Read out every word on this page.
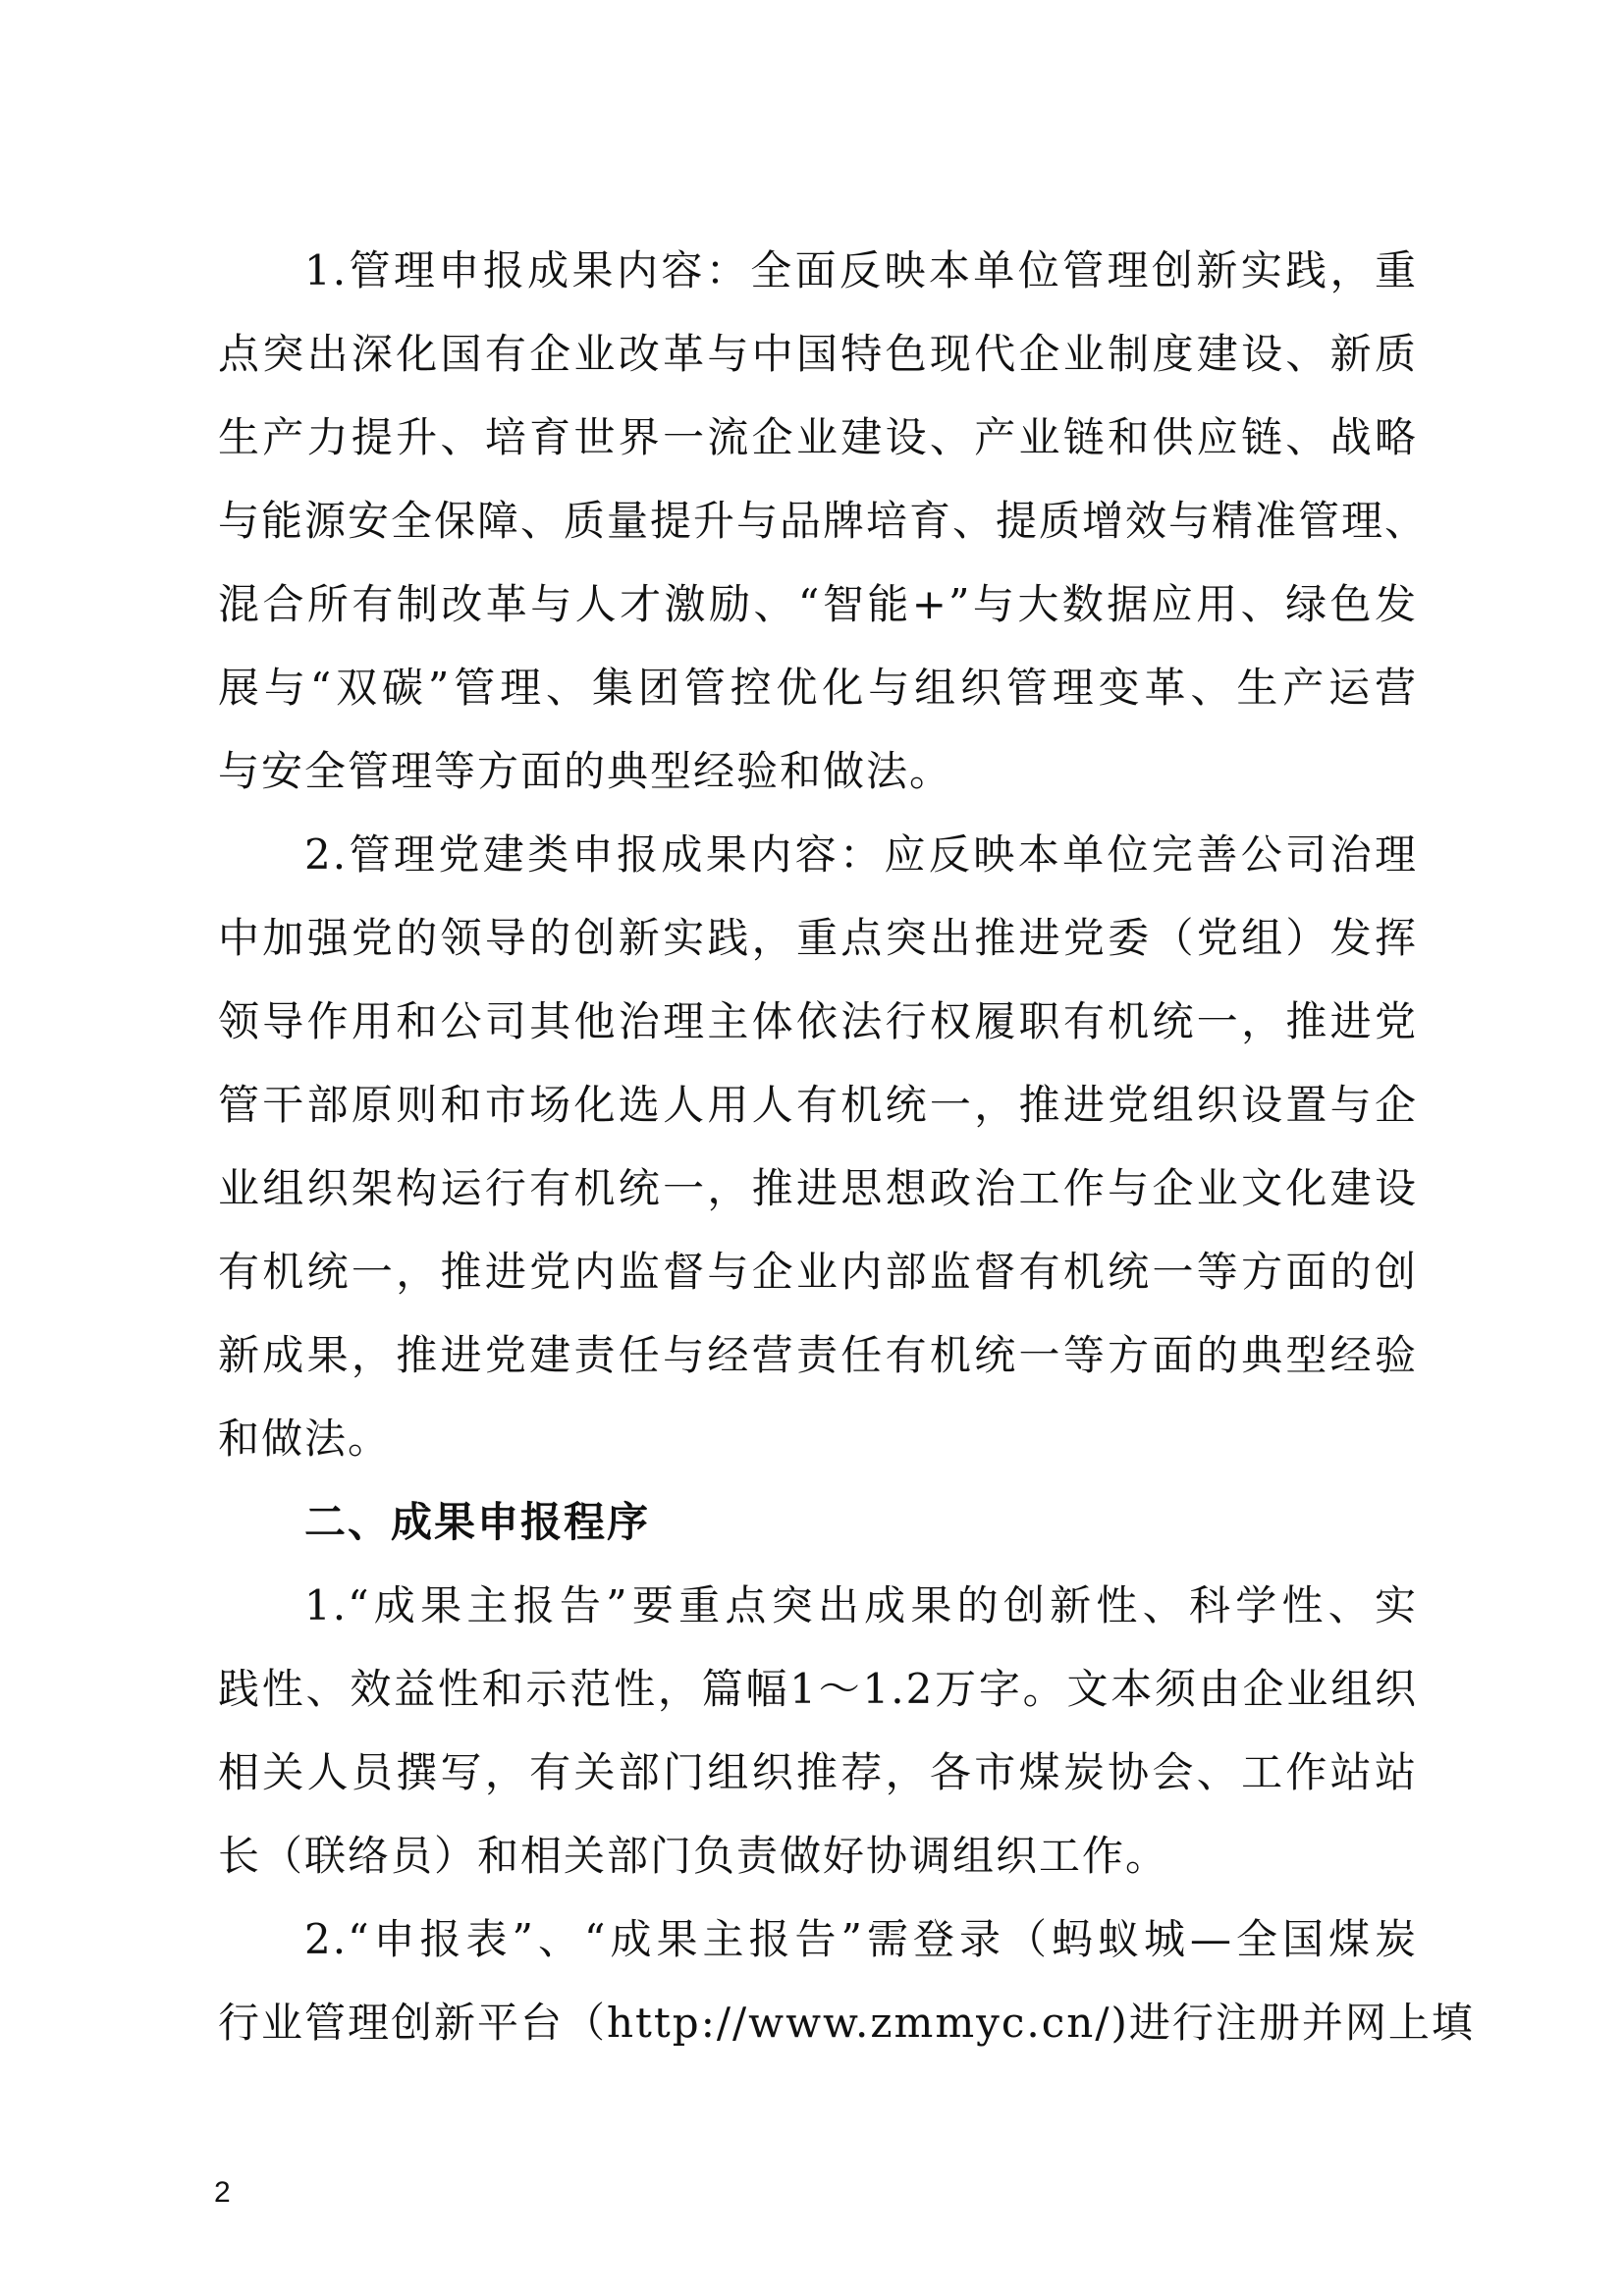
1.管理申报成果内容：全面反映本单位管理创新实践，重
点突出深化国有企业改革与中国特色现代企业制度建设、新质
生产力提升、培育世界一流企业建设、产业链和供应链、战略
与能源安全保障、质量提升与品牌培育、提质增效与精准管理、
混合所有制改革与人才激励、“智能+”与大数据应用、绿色发
展与“双碳”管理、集团管控优化与组织管理变革、生产运营
与安全管理等方面的典型经验和做法。
2.管理党建类申报成果内容：应反映本单位完善公司治理
中加强党的领导的创新实践，重点突出推进党委（党组）发挥
领导作用和公司其他治理主体依法行权履职有机统一，推进党
管干部原则和市场化选人用人有机统一，推进党组织设置与企
业组织架构运行有机统一，推进思想政治工作与企业文化建设
有机统一，推进党内监督与企业内部监督有机统一等方面的创
新成果，推进党建责任与经营责任有机统一等方面的典型经验
和做法。
二、成果申报程序
1.“成果主报告”要重点突出成果的创新性、科学性、实
践性、效益性和示范性，篇幅1～1.2万字。文本须由企业组织
相关人员撰写，有关部门组织推荐，各市煤炭协会、工作站站
长（联络员）和相关部门负责做好协调组织工作。
2.“申报表”、“成果主报告”需登录（蚂蚁城—全国煤炭
行业管理创新平台（http://www.zmmyc.cn/)进行注册并网上填
2
